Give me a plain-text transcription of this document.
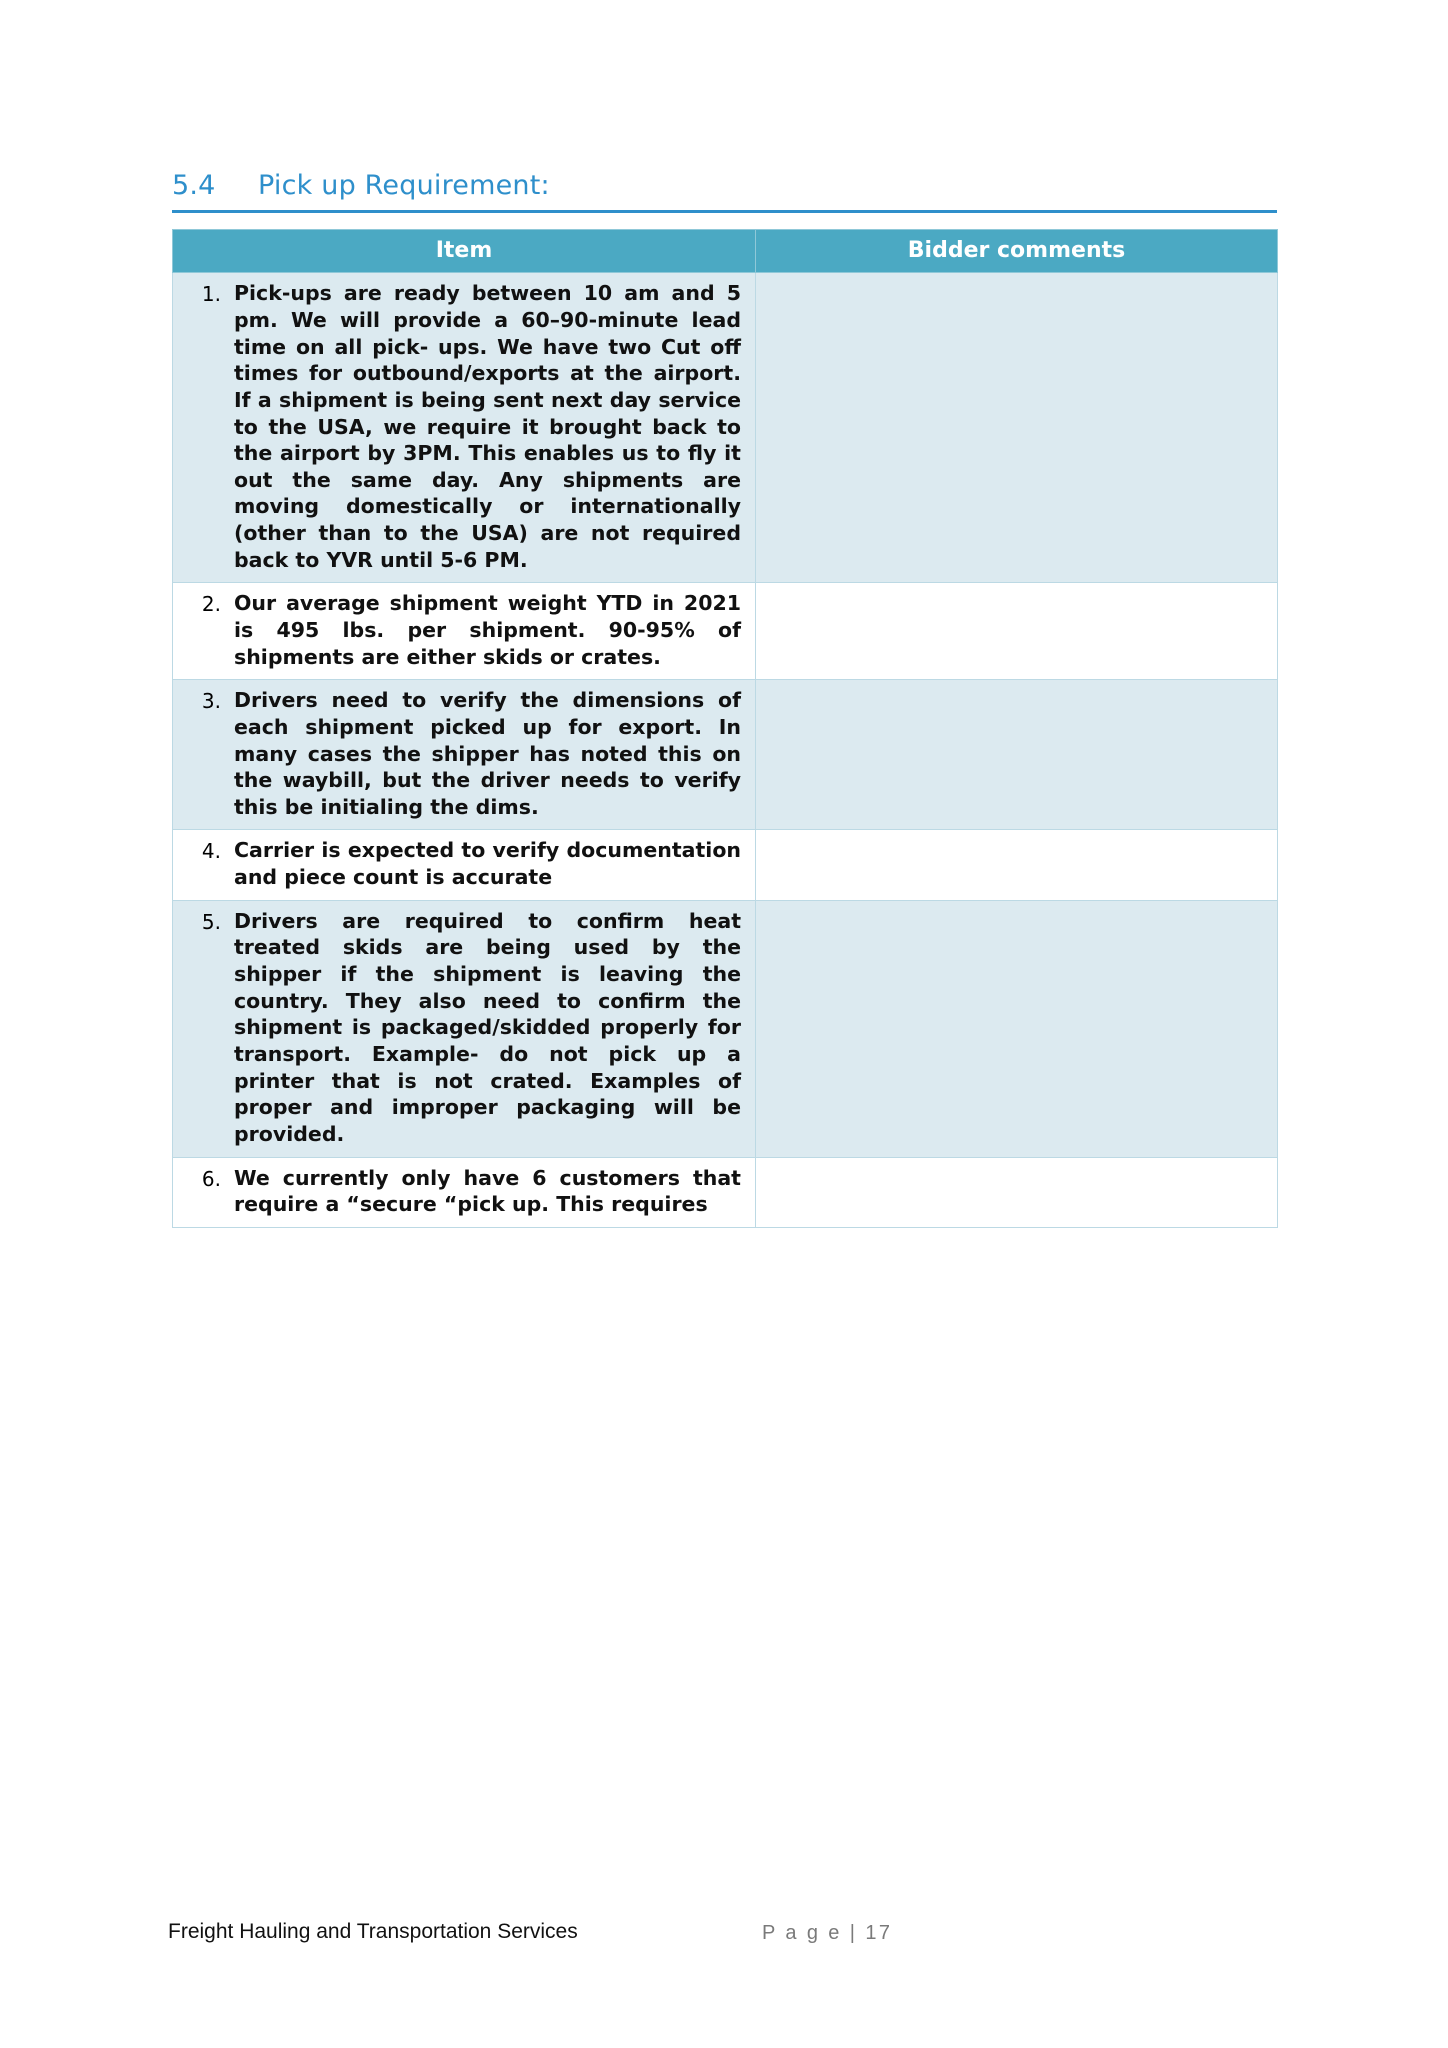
5.4	Pick up Requirement:
Item	Bidder comments

1. Pick-ups are ready between 10 am and 5 pm. We will provide a 60–90-minute lead time on all pick- ups. We have two Cut off times for outbound/exports at the airport. If a shipment is being sent next day service to the USA, we require it brought back to the airport by 3PM. This enables us to fly it out the same day. Any shipments are moving domestically or internationally (other than to the USA) are not required back to YVR until 5-6 PM.	

2. Our average shipment weight YTD in 2021 is 495 lbs. per shipment. 90-95% of shipments are either skids or crates.	

3. Drivers need to verify the dimensions of each shipment picked up for export. In many cases the shipper has noted this on the waybill, but the driver needs to verify this be initialing the dims.	

4. Carrier is expected to verify documentation and piece count is accurate	

5. Drivers are required to confirm heat treated skids are being used by the shipper if the shipment is leaving the country. They also need to confirm the shipment is packaged/skidded properly for transport. Example- do not pick up a printer that is not crated. Examples of proper and improper packaging will be provided.	

6. We currently only have 6 customers that require a “secure “pick up. This requires	

Freight Hauling and Transportation Services	P a g e | 17
